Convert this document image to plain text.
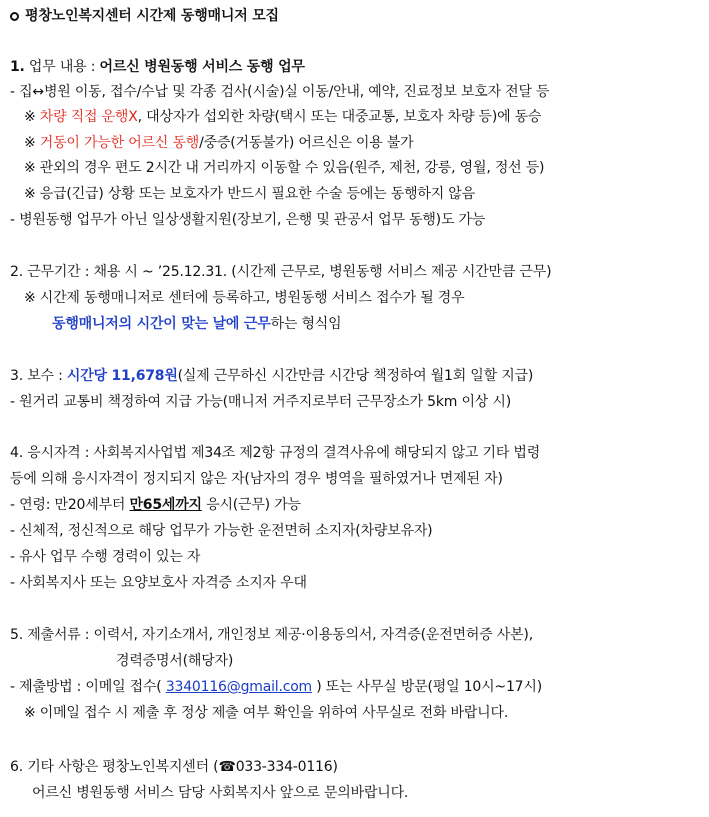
평창노인복지센터 시간제 동행매니저 모집
1. 업무 내용 : 어르신 병원동행 서비스 동행 업무
- 집↔병원 이동, 접수/수납 및 각종 검사(시술)실 이동/안내, 예약, 진료정보 보호자 전달 등
※ 차량 직접 운행X, 대상자가 섭외한 차량(택시 또는 대중교통, 보호자 차량 등)에 동승
※ 거동이 가능한 어르신 동행/중증(거동불가) 어르신은 이용 불가
※ 관외의 경우 편도 2시간 내 거리까지 이동할 수 있음(원주, 제천, 강릉, 영월, 정선 등)
※ 응급(긴급) 상황 또는 보호자가 반드시 필요한 수술 등에는 동행하지 않음
- 병원동행 업무가 아닌 일상생활지원(장보기, 은행 및 관공서 업무 동행)도 가능
2. 근무기간 : 채용 시 ~ ’25.12.31. (시간제 근무로, 병원동행 서비스 제공 시간만큼 근무)
※ 시간제 동행매니저로 센터에 등록하고, 병원동행 서비스 접수가 될 경우
동행매니저의 시간이 맞는 날에 근무하는 형식임
3. 보수 : 시간당 11,678원(실제 근무하신 시간만큼 시간당 책정하여 월1회 일할 지급)
- 원거리 교통비 책정하여 지급 가능(매니저 거주지로부터 근무장소가 5km 이상 시)
4. 응시자격 : 사회복지사업법 제34조 제2항 규정의 결격사유에 해당되지 않고 기타 법령
등에 의해 응시자격이 정지되지 않은 자(남자의 경우 병역을 필하였거나 면제된 자)
- 연령: 만20세부터 만65세까지 응시(근무) 가능
- 신체적, 정신적으로 해당 업무가 가능한 운전면허 소지자(차량보유자)
- 유사 업무 수행 경력이 있는 자
- 사회복지사 또는 요양보호사 자격증 소지자 우대
5. 제출서류 : 이력서, 자기소개서, 개인정보 제공·이용동의서, 자격증(운전면허증 사본),
경력증명서(해당자)
- 제출방법 : 이메일 접수( 3340116@gmail.com ) 또는 사무실 방문(평일 10시~17시)
※ 이메일 접수 시 제출 후 정상 제출 여부 확인을 위하여 사무실로 전화 바랍니다.
6. 기타 사항은 평창노인복지센터 (☎033-334-0116)
어르신 병원동행 서비스 담당 사회복지사 앞으로 문의바랍니다.
